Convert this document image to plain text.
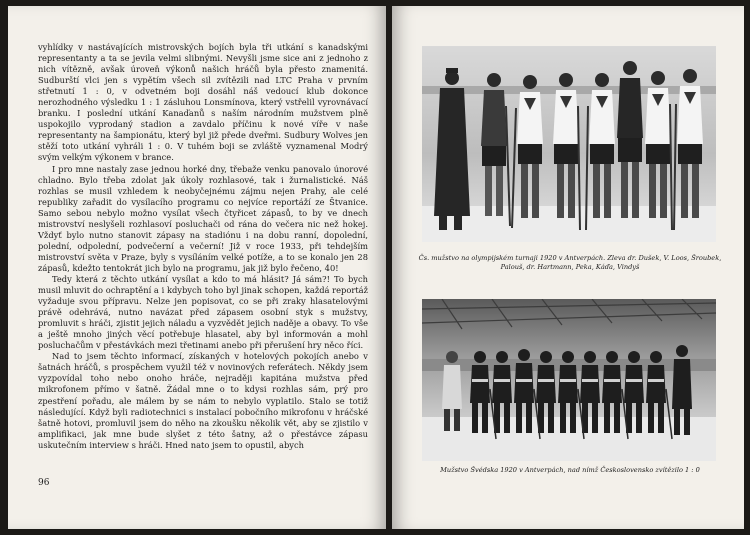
vyhlídky v nastávajících mistrovských bojích byla tři utkání s kanadskými representanty a ta se jevila velmi slibnými. Nevyšli jsme sice ani z jednoho z nich vítězně, avšak úroveň výkonů našich hráčů byla přesto znamenitá. Sudburští vlci jen s vypětím všech sil zvítězili nad LTC Praha v prvním střetnutí 1 : 0, v odvetném boji dosáhl náš vedoucí klub dokonce nerozhodného výsledku 1 : 1 zásluhou Lonsmínova, který vstřelil vyrovnávací branku. I poslední utkání Kanaďanů s naším národním mužstvem plně uspokojilo vyprodaný stadion a zavdalo příčinu k nové víře v naše representanty na šampionátu, který byl již přede dveřmi. Sudbury Wolves jen stěží toto utkání vyhráli 1 : 0. V tuhém boji se zvláště vyznamenal Modrý svým velkým výkonem v brance.

I pro mne nastaly zase jednou horké dny, třebaže venku panovalo únorové chladno. Bylo třeba zdolat jak úkoly rozhlasové, tak i žurnalistické. Náš rozhlas se musil vzhledem k neobyčejnému zájmu nejen Prahy, ale celé republiky zařadit do vysílacího programu co nejvíce reportáží ze Štvanice. Samo sebou nebylo možno vysílat všech čtyřicet zápasů, to by ve dnech mistrovství neslyšeli rozhlasoví posluchači od rána do večera nic než hokej. Vždyť bylo nutno stanovit zápasy na stadiónu i na dobu ranní, dopolední, polední, odpolední, podvečerní a večerní! Již v roce 1933, při tehdejším mistrovství světa v Praze, byly s vysíláním velké potíže, a to se konalo jen 28 zápasů, kdežto tentokrát jich bylo na programu, jak již bylo řečeno, 40!

Tedy která z těchto utkání vysílat a kdo to má hlásit? Já sám?! To bych musil mluvit do ochraptění a i kdybych toho byl jinak schopen, každá reportáž vyžaduje svou přípravu. Nelze jen popisovat, co se při zraky hlasatelovými právě odehrává, nutno navázat před zápasem osobní styk s mužstvy, promluvit s hráči, zjistit jejich náladu a vyzvědět jejich naděje a obavy. To vše a ještě mnoho jiných věcí potřebuje hlasatel, aby byl informován a mohl posluchačům v přestávkách mezi třetinami anebo při přerušení hry něco říci.

Nad to jsem těchto informací, získaných v hotelových pokojích anebo v šatnách hráčů, s prospěchem využil též v novinových referátech. Někdy jsem vyzpovídal toho nebo onoho hráče, nejraději kapitána mužstva před mikrofonem přímo v šatně. Žádal mne o to kdysi rozhlas sám, prý pro zpestření pořadu, ale málem by se nám to nebylo vyplatilo. Stalo se totiž následující. Když byli radiotechnici s instalací pobočního mikrofonu v hráčské šatně hotovi, promluvil jsem do něho na zkoušku několik vět, aby se zjistilo v amplifikaci, jak mne bude slyšet z této šatny, až o přestávce zápasu uskutečním interview s hráči. Hned nato jsem to opustil, abych

96
Čs. mužstvo na olympijském turnaji 1920 v Antverpách. Zleva dr. Dušek, V. Loos, Šroubek, Palouš, dr. Hartmann, Peka, Káďa, Vindyš
Mužstvo Švédska 1920 v Antverpách, nad nímž Československo zvítězilo 1 : 0
